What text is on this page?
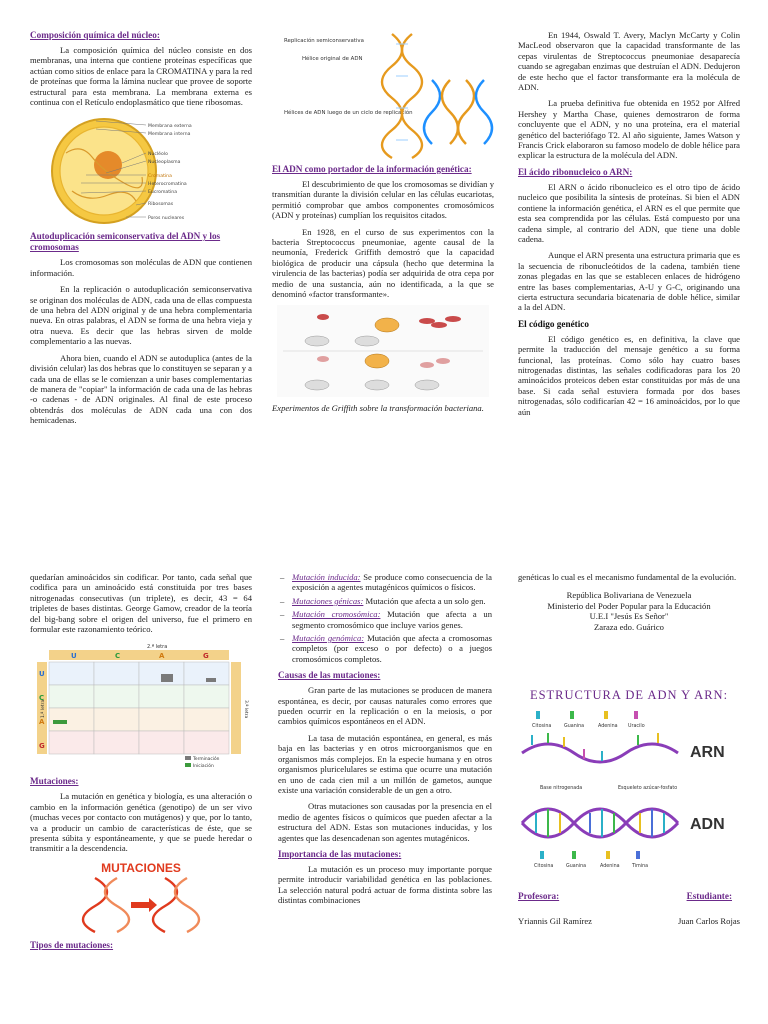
Composición química del núcleo:

La composición química del núcleo consiste en dos membranas, una interna que contiene proteínas específicas que actúan como sitios de enlace para la CROMATINA y para la red de proteínas que forma la lámina nuclear que provee de soporte estructural para esta membrana. La membrana externa es continua con el Retículo endoplasmático que tiene ribosomas.

Membrana externa
Membrana interna
Nucléolo
Nucleoplasma
Cromatina
Heterocromatina
Eucromatina
Ribosomas
Poros nucleares
Autoduplicación semiconservativa del ADN y los cromosomas

Los cromosomas son moléculas de ADN que contienen información.

En la replicación o autoduplicación semiconservativa se originan dos moléculas de ADN, cada una de ellas compuesta de una hebra del ADN original y de una hebra complementaria nueva. En otras palabras, el ADN se forma de una hebra vieja y otra nueva. Es decir que las hebras sirven de molde complementario a las nuevas.

Ahora bien, cuando el ADN se autoduplica (antes de la división celular) las dos hebras que lo constituyen se separan y a cada una de ellas se le comienzan a unir bases complementarias de manera de "copiar" la información de cada una de las hebras -o cadenas - de ADN originales. Al final de este proceso obtendrás dos moléculas de ADN cada una con dos hemicadenas.

Replicación semiconservativa
Hélice original de ADN
Hélices de ADN luego de un ciclo de replicación
El ADN como portador de la información genética:

El descubrimiento de que los cromosomas se dividían y transmitían durante la división celular en las células eucariotas, permitió comprobar que ambos componentes cromosómicos (ADN y proteínas) cumplían los requisitos citados.

En 1928, en el curso de sus experimentos con la bacteria Streptococcus pneumoniae, agente causal de la neumonía, Frederick Griffith demostró que la capacidad biológica de producir una cápsula (hecho que determina la virulencia de las bacterias) podía ser adquirida de otra cepa por medio de una sustancia, aún no identificada, a la que se denominó «factor transformante».

Experimentos de Griffith sobre la transformación bacteriana.

En 1944, Oswald T. Avery, Maclyn McCarty y Colin MacLeod observaron que la capacidad transformante de las cepas virulentas de Streptococcus pneumoniae desaparecía cuando se agregaban enzimas que destruían el ADN. Dedujeron de este hecho que el factor transformante era la molécula de ADN.

La prueba definitiva fue obtenida en 1952 por Alfred Hershey y Martha Chase, quienes demostraron de forma concluyente que el ADN, y no una proteína, era el material genético del bacteriófago T2. Al año siguiente, James Watson y Francis Crick elaboraron su famoso modelo de doble hélice para explicar la estructura de la molécula del ADN.

El ácido ribonucleico o ARN:

El ARN o ácido ribonucleico es el otro tipo de ácido nucleico que posibilita la síntesis de proteínas. Si bien el ADN contiene la información genética, el ARN es el que permite que esta sea comprendida por las células. Está compuesto por una cadena simple, al contrario del ADN, que tiene una doble cadena.

Aunque el ARN presenta una estructura primaria que es la secuencia de ribonucleótidos de la cadena, también tiene zonas plegadas en las que se establecen enlaces de hidrógeno entre las bases complementarias, A-U y G-C, originando una cierta estructura secundaria bicatenaria de doble hélice, similar a la del ADN.

El código genético

El código genético es, en definitiva, la clave que permite la traducción del mensaje genético a su forma funcional, las proteínas. Como sólo hay cuatro bases nitrogenadas distintas, las señales codificadoras para los 20 aminoácidos proteicos deben estar constituidas por más de una base. Si cada señal estuviera formada por dos bases nitrogenadas, sólo codificarían 42 = 16 aminoácidos, por lo que aún

quedarían aminoácidos sin codificar. Por tanto, cada señal que codifica para un aminoácido está constituida por tres bases nitrogenadas consecutivas (un triplete), es decir, 43 = 64 tripletes de bases distintas. George Gamow, creador de la teoría del big-bang sobre el origen del universo, fue el primero en formular este razonamiento teórico.

2.ª letra
U	C	A	G
U
C
A
G
1.ª letra	3.ª letra
Terminación
Iniciación
Mutaciones:

La mutación en genética y biología, es una alteración o cambio en la información genética (genotipo) de un ser vivo (muchas veces por contacto con mutágenos) y que, por lo tanto, va a producir un cambio de características de éste, que se presenta súbita y espontáneamente, y que se puede heredar o transmitir a la descendencia.

MUTACIONES
Tipos de mutaciones:
– Mutación inducida: Se produce como consecuencia de la exposición a agentes mutagénicos químicos o físicos.
– Mutaciones génicas: Mutación que afecta a un solo gen.
– Mutación cromosómica: Mutación que afecta a un segmento cromosómico que incluye varios genes.
– Mutación genómica: Mutación que afecta a cromosomas completos (por exceso o por defecto) o a juegos cromosómicos completos.
Causas de las mutaciones:

Gran parte de las mutaciones se producen de manera espontánea, es decir, por causas naturales como errores que pueden ocurrir en la replicación o en la meiosis, o por cambios químicos espontáneos en el ADN.

La tasa de mutación espontánea, en general, es más baja en las bacterias y en otros microorganismos que en organismos más complejos. En la especie humana y en otros organismos pluricelulares se estima que ocurre una mutación en uno de cada cien mil a un millón de gametos, aunque existe una variación considerable de un gen a otro.

Otras mutaciones son causadas por la presencia en el medio de agentes físicos o químicos que pueden afectar a la estructura del ADN. Estas son mutaciones inducidas, y los agentes que las desencadenan son agentes mutagénicos.

Importancia de las mutaciones:

La mutación es un proceso muy importante porque permite introducir variabilidad genética en las poblaciones. La selección natural podrá actuar de forma distinta sobre las distintas combinaciones

genéticas lo cual es el mecanismo fundamental de la evolución.

República Bolivariana de Venezuela

Ministerio del Poder Popular para la Educación

U.E.I "Jesús Es Señor"

Zaraza edo. Guárico

ESTRUCTURA DE ADN Y ARN:
Citosina	Guanina	Adenina Uracilo
ARN
Base nitrogenada	Esqueleto azúcar-fosfato
ADN
Citosina	Guanina	Adenina	Timina
Profesora:	Estudiante:
Yriannis Gil Ramírez	Juan Carlos Rojas
